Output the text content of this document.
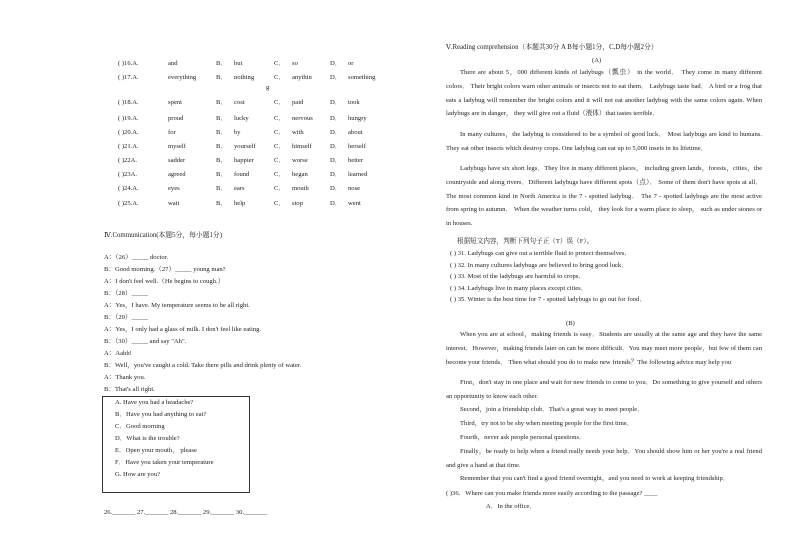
( )16.A.	and	B． but	C． so	D． or
( )17.A.	everything	B． nothing	C． anythin	D． something
g
( )18.A.	spent	B． cost	C． paid	D． took
( )19.A.	proud	B． lucky	C． nervous	D． hungry
( )20.A.	for	B． by	C． with	D． about
( )21.A.	myself	B． yourself	C． himself	D． herself
( )22A.	sadder	B． happier	C． worse	D． better
( )23A.	agreed	B． found	C． began	D． learned
( )24.A.	eyes	B． ears	C． mouth	D． nose
( )25.A.	wait	B． help	C． stop	D． went
Ⅳ.Communication(本题5分，每小题1分)
A：（26）_____ doctor.
B：Good morning.（27）_____ young man?
A：I don't feel well.（He begins to cough.）
B：（28）_____
A：Yes，I have. My temperature seems to be all right.
B：（29）_____
A：Yes，I only had a glass of milk. I don't feel like eating.
B：（30）_____ and say "Ah".
A：Aahh!
B：Well，you've caught a cold. Take there pills and drink plenty of water.
A：Thank you.
B：That's all right.
A. Have you had a headache?
B．Have you had anything to eat?
C．Good morning
D．What is the trouble?
E．Open your mouth， please
F．Have you taken your temperature
G. How are you?
26._______ 27._______ 28._______ 29._______ 30._______
Ⅴ.Reading comprehension（本题共30分 A B每小题1分，C,D每小题2分）
(A)
There are about 5，000 different kinds of ladybugs（瓢虫） in the world． They come in many different colors． Their bright colors warn other animals or insects not to eat them． Ladybugs taste bad． A bird or a frog that eats a ladybug will remember the bright colors and it will not eat another ladybug with the same colors again. When ladybugs are in danger， they will give out a fluid（液体）that tastes terrible．
In many cultures，the ladybug is considered to be a symbol of good luck． Most ladybugs are kind to humans. They eat other insects which destroy crops. One ladybug can eat up to 5,000 insets in its lifetime．
Ladybugs have six short legs．They live in many different places， including green lands，forests，cities，the countryside and along rivers．Different ladybugs have different spots（点）． Some of them don't have spots at all． The most common kind in North America is the 7 - spotted ladybug． The 7 - spotted ladybugs are the most active from spring to autumn． When the weather turns cold， they look for a warm place to sleep， such as under stones or in houses.
根据短文内容，判断下列句子正（T）误（F）。
( ) 31. Ladybugs can give out a terrible fluid to protect themselves．
( ) 32. In many cultures ladybugs are believed to bring good luck．
( ) 33. Most of the ladybugs are harmful to crops．
( ) 34. Ladybugs live in many places except cities．
( ) 35. Winter is the best time for 7 - spotted ladybugs to go out for food．
(B)
When you are at school，making friends is easy．Students are usually at the same age and they have the same interest．However，making friends later on can be more difficult．You may meet more people，but few of them can become your friends． Then what should you do to make new friends？The following advice may help you
First，don't stay in one place and wait for new friends to come to you．Do something to give yourself and others an opportunity to know each other.
Second，join a friendship club．That's a great way to meet people．
Third，try not to be shy when meeting people for the first time．
Fourth，never ask people personal questions．
Finally，be ready to help when a friend really needs your help．You should show him or her you're a real friend and give a hand at that time.
Remember that you can't find a good friend overnight，and you need to work at keeping friendship．
( )36．Where can you make friends more easily according to the passage? ____
A．In the office．
